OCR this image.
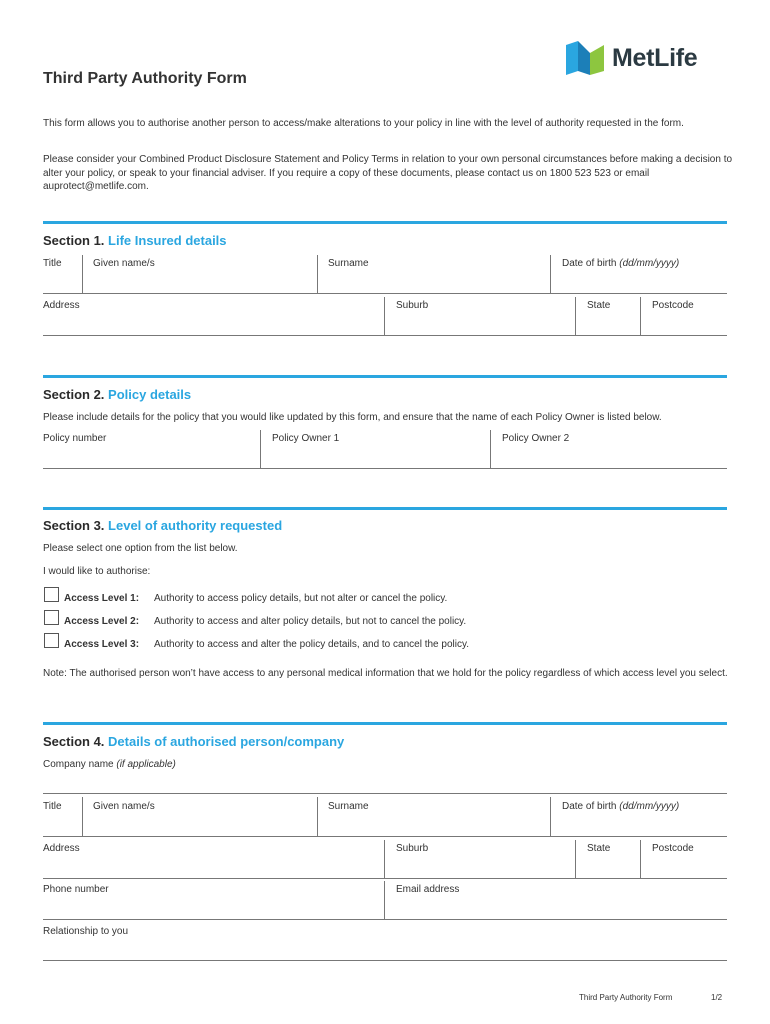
MetLife
Third Party Authority Form
This form allows you to authorise another person to access/make alterations to your policy in line with the level of authority requested in the form.
Please consider your Combined Product Disclosure Statement and Policy Terms in relation to your own personal circumstances before making a decision to alter your policy, or speak to your financial adviser. If you require a copy of these documents, please contact us on 1800 523 523 or email auprotect@metlife.com.
Section 1. Life Insured details
Title	Given name/s	Surname	Date of birth (dd/mm/yyyy)
Address	Suburb	State	Postcode
Section 2. Policy details
Please include details for the policy that you would like updated by this form, and ensure that the name of each Policy Owner is listed below.
Policy number	Policy Owner 1	Policy Owner 2
Section 3. Level of authority requested
Please select one option from the list below.
I would like to authorise:
Access Level 1: Authority to access policy details, but not alter or cancel the policy.
Access Level 2: Authority to access and alter policy details, but not to cancel the policy.
Access Level 3: Authority to access and alter the policy details, and to cancel the policy.
Note: The authorised person won’t have access to any personal medical information that we hold for the policy regardless of which access level you select.
Section 4. Details of authorised person/company
Company name (if applicable)
Title	Given name/s	Surname	Date of birth (dd/mm/yyyy)
Address	Suburb	State	Postcode
Phone number	Email address
Relationship to you
Third Party Authority Form	1/2
